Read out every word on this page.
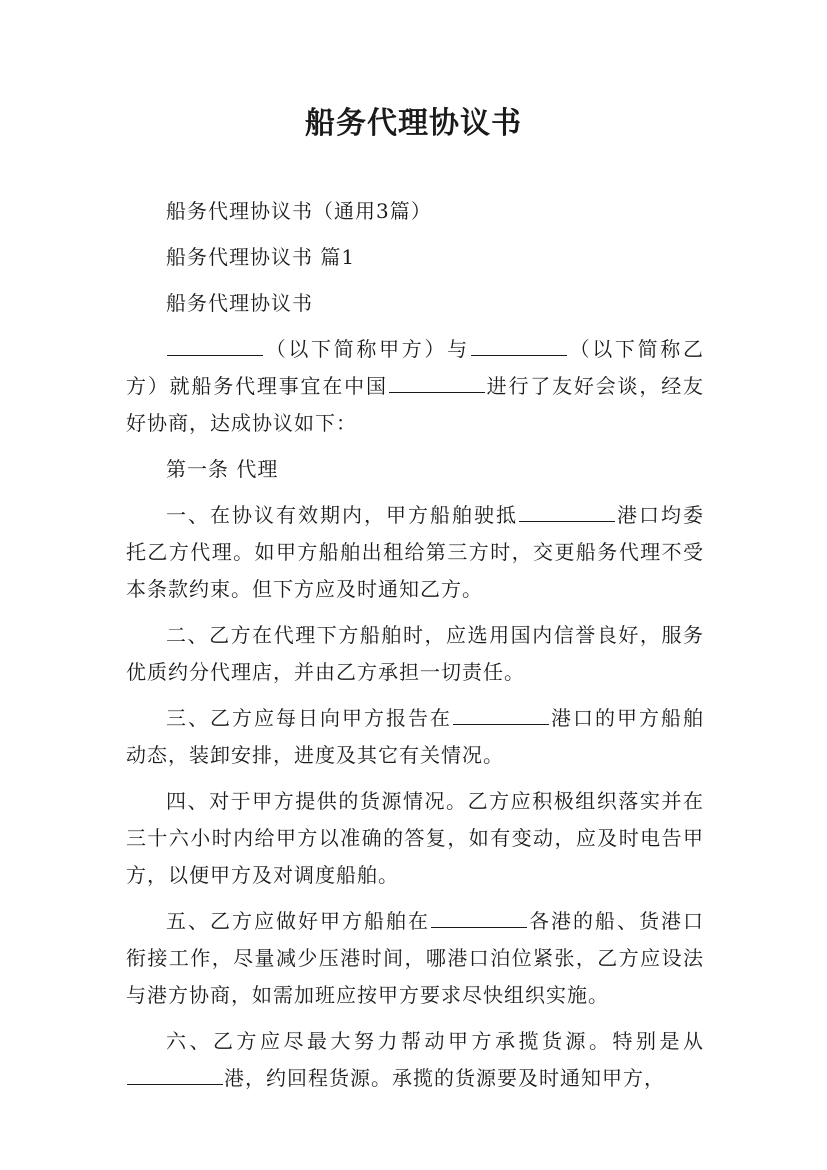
船务代理协议书

船务代理协议书（通用3篇）

船务代理协议书 篇1

船务代理协议书

（以下简称甲方）与	（以下简称乙方）就船务代理事宜在中国	进行了友好会谈，经友好协商，达成协议如下：

第一条 代理

一、在协议有效期内，甲方船舶驶抵	港口均委托乙方代理。如甲方船舶出租给第三方时，交更船务代理不受本条款约束。但下方应及时通知乙方。

二、乙方在代理下方船舶时，应选用国内信誉良好，服务优质约分代理店，并由乙方承担一切责任。

三、乙方应每日向甲方报告在	港口的甲方船舶动态，装卸安排，进度及其它有关情况。

四、对于甲方提供的货源情况。乙方应积极组织落实并在三十六小时内给甲方以准确的答复，如有变动，应及时电告甲方，以便甲方及对调度船舶。

五、乙方应做好甲方船舶在	各港的船、货港口衔接工作，尽量减少压港时间，哪港口泊位紧张，乙方应设法与港方协商，如需加班应按甲方要求尽快组织实施。

六、乙方应尽最大努力帮动甲方承揽货源。特别是从港，约回程货源。承揽的货源要及时通知甲方，
